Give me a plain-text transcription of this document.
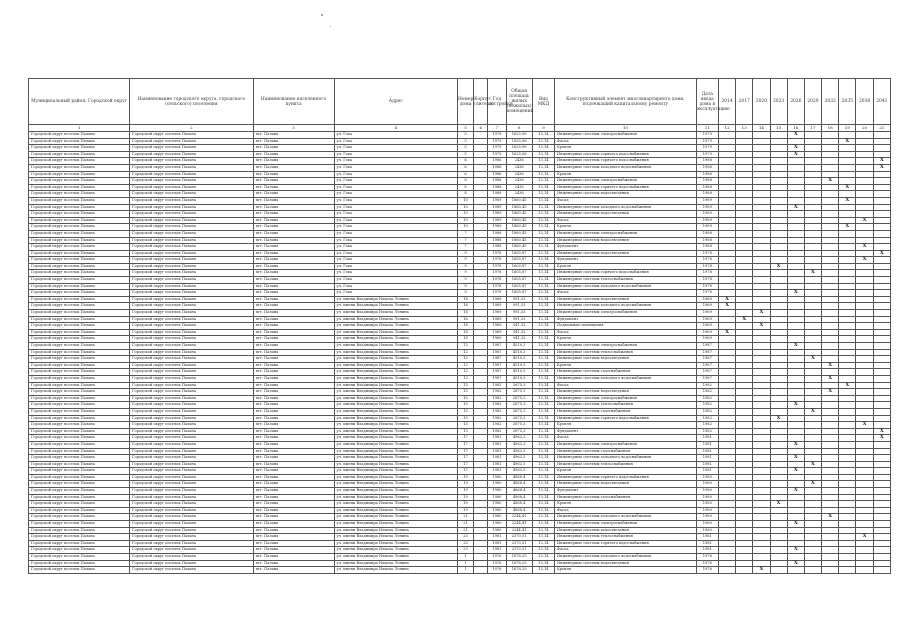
Муниципальный район, Городской округ	Наименование городского округа, городского (сельского) поселения	Наименование населенного пункта	Адрес	Номер дома	Корпус (литера)	Год постройки	Общая площадь жилых (нежилых) помещений	Вид МКД	Конструктивный элемент многоквартирного дома, подлежащий капитальному ремонту	Дата ввода дома в эксплуатацию	2014	2017	2020	2023	2026	2029	2032	2035	2038	2041
1	2	3	4	5	6	7	8	9	10	11	12	13	14	15	16	17	18	19	20	21
Городской округ поселок Палана	Городской округ поселок Палана	пгт. Палана	ул. Гоха	5		1979	1625,06	13,14	Инженерные системы электроснабжения	1979					X					
Городской округ поселок Палана	Городской округ поселок Палана	пгт. Палана	ул. Гоха	5		1979	1625,06	13,14	Фасад	1979								X		
Городской округ поселок Палана	Городской округ поселок Палана	пгт. Палана	ул. Гоха	5		1979	1625,06	13,14	Кровля	1979					X					
Городской округ поселок Палана	Городской округ поселок Палана	пгт. Палана	ул. Гоха	5		1979	1625,06	13,14	Инженерные системы горячего водоснабжения	1979					X					
Городской округ поселок Палана	Городской округ поселок Палана	пгт. Палана	ул. Гоха	6		1986	2436	13,14	Инженерные системы горячего водоснабжения	1986										X
Городской округ поселок Палана	Городской округ поселок Палана	пгт. Палана	ул. Гоха	6		1986	2436	13,14	Инженерные системы холодного водоснабжения	1986										X
Городской округ поселок Палана	Городской округ поселок Палана	пгт. Палана	ул. Гоха	6		1986	2436	13,14	Кровля	1986										
Городской округ поселок Палана	Городской округ поселок Палана	пгт. Палана	ул. Гоха	8		1988	2436	13,14	Инженерные системы электроснабжения	1988							X			
Городской округ поселок Палана	Городской округ поселок Палана	пгт. Палана	ул. Гоха	8		1988	2436	13,14	Инженерные системы горячего водоснабжения	1988								X		
Городской округ поселок Палана	Городской округ поселок Палана	пгт. Палана	ул. Гоха	8		1988	2436	13,14	Инженерные системы водоотведения	1988										
Городской округ поселок Палана	Городской округ поселок Палана	пгт. Палана	ул. Гоха	10		1989	1860,45	13,14	Фасад	1989								X		
Городской округ поселок Палана	Городской округ поселок Палана	пгт. Палана	ул. Гоха	10		1989	1860,45	13,14	Инженерные системы холодного водоснабжения	1989					X					
Городской округ поселок Палана	Городской округ поселок Палана	пгт. Палана	ул. Гоха	10		1989	1860,45	13,14	Инженерные системы водоотведения	1989										
Городской округ поселок Палана	Городской округ поселок Палана	пгт. Палана	ул. Гоха	10		1989	1860,45	13,14	Фасад	1989									X	
Городской округ поселок Палана	Городской округ поселок Палана	пгт. Палана	ул. Гоха	10		1989	1860,45	13,14	Кровля	1989								X		
Городской округ поселок Палана	Городской округ поселок Палана	пгт. Палана	ул. Гоха	7		1988	1860,45	13,14	Инженерные системы электроснабжения	1988										
Городской округ поселок Палана	Городской округ поселок Палана	пгт. Палана	ул. Гоха	7		1988	1860,45	13,14	Инженерные системы водоотведения	1988										
Городской округ поселок Палана	Городской округ поселок Палана	пгт. Палана	ул. Гоха	7		1988	1860,45	13,14	Фундамент	1988									X	
Городской округ поселок Палана	Городской округ поселок Палана	пгт. Палана	ул. Гоха	9		1978	1605,87	13,14	Инженерные системы водоотведения	1978										X
Городской округ поселок Палана	Городской округ поселок Палана	пгт. Палана	ул. Гоха	9		1978	1605,87	13,14	Фундамент	1978									X	
Городской округ поселок Палана	Городской округ поселок Палана	пгт. Палана	ул. Гоха	9		1978	1605,87	13,14	Кровля	1978				X						
Городской округ поселок Палана	Городской округ поселок Палана	пгт. Палана	ул. Гоха	9		1978	1605,87	13,14	Инженерные системы горячего водоснабжения	1978						X				
Городской округ поселок Палана	Городской округ поселок Палана	пгт. Палана	ул. Гоха	9		1978	1605,87	13,14	Инженерные системы теплоснабжения	1978										
Городской округ поселок Палана	Городской округ поселок Палана	пгт. Палана	ул. Гоха	9		1978	1605,87	13,14	Инженерные системы холодного водоснабжения	1978										
Городской округ поселок Палана	Городской округ поселок Палана	пгт. Палана	ул. Гоха	9		1978	1605,87	13,14	Фасад	1978					X					
Городской округ поселок Палана	Городской округ поселок Палана	пгт. Палана	ул. имени Владимира Ильича Ленина	16		1969	991,53	13,14	Инженерные системы водоотведения	1969	X									
Городской округ поселок Палана	Городской округ поселок Палана	пгт. Палана	ул. имени Владимира Ильича Ленина	16		1969	991,53	13,14	Инженерные системы холодного водоснабжения	1969	X									
Городской округ поселок Палана	Городской округ поселок Палана	пгт. Палана	ул. имени Владимира Ильича Ленина	16		1969	991,53	13,14	Инженерные системы электроснабжения	1969			X							
Городской округ поселок Палана	Городской округ поселок Палана	пгт. Палана	ул. имени Владимира Ильича Ленина	16		1969	991,53	13,14	Фундамент	1969		X								
Городской округ поселок Палана	Городской округ поселок Палана	пгт. Палана	ул. имени Владимира Ильича Ленина	18		1969	941,32	13,14	Подвальные помещения	1969			X							
Городской округ поселок Палана	Городской округ поселок Палана	пгт. Палана	ул. имени Владимира Ильича Ленина	18		1969	941,32	13,14	Фасад	1969	X									
Городской округ поселок Палана	Городской округ поселок Палана	пгт. Палана	ул. имени Владимира Ильича Ленина	18		1969	941,32	13,14	Кровля	1969										
Городской округ поселок Палана	Городской округ поселок Палана	пгт. Палана	ул. имени Владимира Ильича Ленина	12		1987	4510,3	13,14	Инженерные системы электроснабжения	1987					X					
Городской округ поселок Палана	Городской округ поселок Палана	пгт. Палана	ул. имени Владимира Ильича Ленина	12		1987	4510,3	13,14	Инженерные системы теплоснабжения	1987										
Городской округ поселок Палана	Городской округ поселок Палана	пгт. Палана	ул. имени Владимира Ильича Ленина	12		1987	4510,3	13,14	Инженерные системы водоотведения	1987						X				
Городской округ поселок Палана	Городской округ поселок Палана	пгт. Палана	ул. имени Владимира Ильича Ленина	12		1987	4510,3	13,14	Кровля	1987							X			
Городской округ поселок Палана	Городской округ поселок Палана	пгт. Палана	ул. имени Владимира Ильича Ленина	12		1987	4510,3	13,14	Инженерные системы газоснабжения	1987										
Городской округ поселок Палана	Городской округ поселок Палана	пгт. Палана	ул. имени Владимира Ильича Ленина	12		1987	4510,3	13,14	Инженерные системы холодного водоснабжения	1987							X			
Городской округ поселок Палана	Городской округ поселок Палана	пгт. Палана	ул. имени Владимира Ильича Ленина	15		1982	2675,3	13,14	Фасад	1982								X		
Городской округ поселок Палана	Городской округ поселок Палана	пгт. Палана	ул. имени Владимира Ильича Ленина	15		1982	2675,3	13,14	Инженерные системы водоотведения	1982							X			
Городской округ поселок Палана	Городской округ поселок Палана	пгт. Палана	ул. имени Владимира Ильича Ленина	15		1982	2675,3	13,14	Инженерные системы электроснабжения	1982										
Городской округ поселок Палана	Городской округ поселок Палана	пгт. Палана	ул. имени Владимира Ильича Ленина	15		1982	2675,3	13,14	Инженерные системы теплоснабжения	1982					X					
Городской округ поселок Палана	Городской округ поселок Палана	пгт. Палана	ул. имени Владимира Ильича Ленина	15		1982	2675,3	13,14	Инженерные системы газоснабжения	1982						X				
Городской округ поселок Палана	Городской округ поселок Палана	пгт. Палана	ул. имени Владимира Ильича Ленина	15		1982	2675,3	13,14	Инженерные системы горячего водоснабжения	1982				X						
Городской округ поселок Палана	Городской округ поселок Палана	пгт. Палана	ул. имени Владимира Ильича Ленина	15		1982	2675,3	13,14	Кровля	1982									X	
Городской округ поселок Палана	Городской округ поселок Палана	пгт. Палана	ул. имени Владимира Ильича Ленина	15		1982	2675,3	13,14	Фундамент	1982										X
Городской округ поселок Палана	Городской округ поселок Палана	пгт. Палана	ул. имени Владимира Ильича Ленина	17		1981	4962,3	13,14	Фасад	1981										X
Городской округ поселок Палана	Городской округ поселок Палана	пгт. Палана	ул. имени Владимира Ильича Ленина	17		1981	4962,3	13,14	Инженерные системы электроснабжения	1981					X					
Городской округ поселок Палана	Городской округ поселок Палана	пгт. Палана	ул. имени Владимира Ильича Ленина	17		1981	4962,3	13,14	Инженерные системы газоснабжения	1981										
Городской округ поселок Палана	Городской округ поселок Палана	пгт. Палана	ул. имени Владимира Ильича Ленина	17		1981	4962,3	13,14	Инженерные системы холодного водоснабжения	1981					X					
Городской округ поселок Палана	Городской округ поселок Палана	пгт. Палана	ул. имени Владимира Ильича Ленина	17		1981	4962,3	13,14	Инженерные системы теплоснабжения	1981						X				
Городской округ поселок Палана	Городской округ поселок Палана	пгт. Палана	ул. имени Владимира Ильича Ленина	17		1981	4962,3	13,14	Кровля	1981					X					
Городской округ поселок Палана	Городской округ поселок Палана	пгт. Палана	ул. имени Владимира Ильича Ленина	19		1980	4868,4	13,14	Инженерные системы горячего водоснабжения	1980										
Городской округ поселок Палана	Городской округ поселок Палана	пгт. Палана	ул. имени Владимира Ильича Ленина	19		1980	4868,4	13,14	Инженерные системы водоотведения	1980						X				
Городской округ поселок Палана	Городской округ поселок Палана	пгт. Палана	ул. имени Владимира Ильича Ленина	19		1980	4868,4	13,14	Фундамент	1980					X					
Городской округ поселок Палана	Городской округ поселок Палана	пгт. Палана	ул. имени Владимира Ильича Ленина	19		1980	4868,4	13,14	Инженерные системы газоснабжения	1980										
Городской округ поселок Палана	Городской округ поселок Палана	пгт. Палана	ул. имени Владимира Ильича Ленина	19		1980	4868,4	13,14	Кровля	1980				X						
Городской округ поселок Палана	Городской округ поселок Палана	пгт. Палана	ул. имени Владимира Ильича Ленина	19		1980	4868,4	13,14	Фасад	1980										
Городской округ поселок Палана	Городской округ поселок Палана	пгт. Палана	ул. имени Владимира Ильича Ленина	21		1980	2244,41	13,14	Инженерные системы холодного водоснабжения	1980							X			
Городской округ поселок Палана	Городской округ поселок Палана	пгт. Палана	ул. имени Владимира Ильича Ленина	21		1980	2244,41	13,14	Инженерные системы электроснабжения	1980					X					
Городской округ поселок Палана	Городской округ поселок Палана	пгт. Палана	ул. имени Владимира Ильича Ленина	21		1980	2244,41	13,14	Инженерные системы водоотведения	1980										
Городской округ поселок Палана	Городской округ поселок Палана	пгт. Палана	ул. имени Владимира Ильича Ленина	23		1981	2370,51	13,14	Инженерные системы теплоснабжения	1981									X	
Городской округ поселок Палана	Городской округ поселок Палана	пгт. Палана	ул. имени Владимира Ильича Ленина	23		1981	2370,51	13,14	Инженерные системы горячего водоснабжения	1981										
Городской округ поселок Палана	Городской округ поселок Палана	пгт. Палана	ул. имени Владимира Ильича Ленина	23		1981	2370,51	13,14	Фасад	1981					X					
Городской округ поселок Палана	Городской округ поселок Палана	пгт. Палана	ул. имени Владимира Ильича Ленина	1		1976	1678,25	13,14	Инженерные системы холодного водоснабжения	1976										
Городской округ поселок Палана	Городской округ поселок Палана	пгт. Палана	ул. имени Владимира Ильича Ленина	1		1976	1678,25	13,14	Инженерные системы водоотведения	1976					X					
Городской округ поселок Палана	Городской округ поселок Палана	пгт. Палана	ул. имени Владимира Ильича Ленина	1		1976	1678,25	13,14	Кровля	1976			X							
